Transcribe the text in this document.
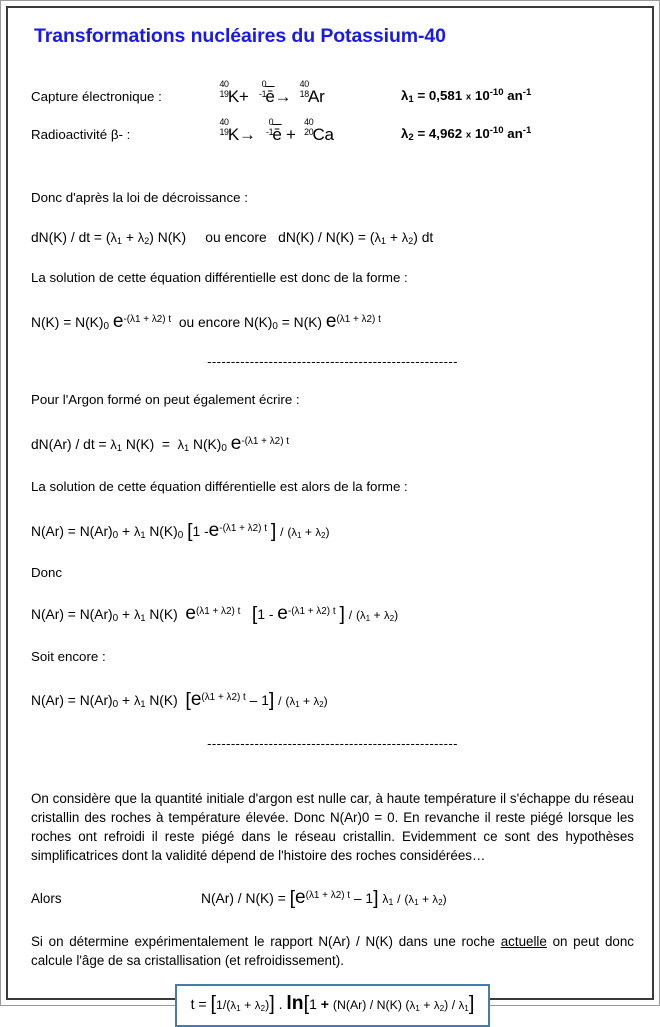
Transformations nucléaires du Potassium-40
Capture électronique :
40
19 K+
0
-1 $\overline{ē}\to$
40
18 Ar	$\lambda_1 = 0,581$ x $10^{-10}$ $an^{-1}$
Radioactivité β- :
40
19 K→
0
-1 $\overline{ē}$ +
40
20 Ca	$\lambda_2 = 4,962$ x $10^{-10}$ $an^{-1}$
Donc d'après la loi de décroissance :
dN(K) / dt = $(\lambda_1 + \lambda_2)$ N(K) ou encore $dN(K) / N(K) = (\lambda_1 + \lambda_2)$ dt
La solution de cette équation différentielle est donc de la forme :
$N(K) = N(K)_0$ $e^{-(\lambda 1 + \lambda 2) t}$ ou encore $N(K)_0 = N(K)$ $e^{(\lambda 1 + \lambda 2) t}$
-----------------------------------------------------
Pour l'Argon formé on peut également écrire :
dN(Ar) / dt = $\lambda_1$ $N(K) = \lambda_1$ $N(K)_0$ $e^{-(\lambda 1 + \lambda 2) t}$
La solution de cette équation différentielle est alors de la forme :
$N(Ar) = N(Ar)_0 + \lambda_1$ $N(K)_0$ [1 $-e^{-(\lambda 1 + \lambda 2) t}$ ] / $(\lambda_1 + \lambda_2)$
Donc
$N(Ar) = N(Ar)_0 + \lambda_1$ N(K) $e^{(\lambda 1 + \lambda 2) t}$ [$1 - e^{-(\lambda 1 + \lambda 2) t}$ ] / $(\lambda_1 + \lambda_2)$
Soit encore :
$N(Ar) = N(Ar)_0 + \lambda_1$ N(K) $[e^{(\lambda 1 + \lambda 2) t} - 1] / (\lambda_1 + \lambda_2)$
-----------------------------------------------------
On considère que la quantité initiale d'argon est nulle car, à haute température il s'échappe du réseau cristallin des roches à température élevée. Donc N(Ar)0 = 0. En revanche il reste piégé lorsque les roches ont refroidi il reste piégé dans le réseau cristallin. Evidemment ce sont des hypothèses simplificatrices dont la validité dépend de l'histoire des roches considérées…
Alors	$N(Ar) / N(K) = [e^{(\lambda 1 + \lambda 2) t} - 1]$ $\lambda_1 / (\lambda_1 + \lambda_2)$
Si on détermine expérimentalement le rapport N(Ar) / N(K) dans une roche actuelle on peut donc calcule l'âge de sa cristallisation (et refroidissement).
$t = [1/(\lambda_1 + \lambda_2)]$ . ln[1 + (N(Ar) / N(K) $(\lambda_1 + \lambda_2) / \lambda_1$]
